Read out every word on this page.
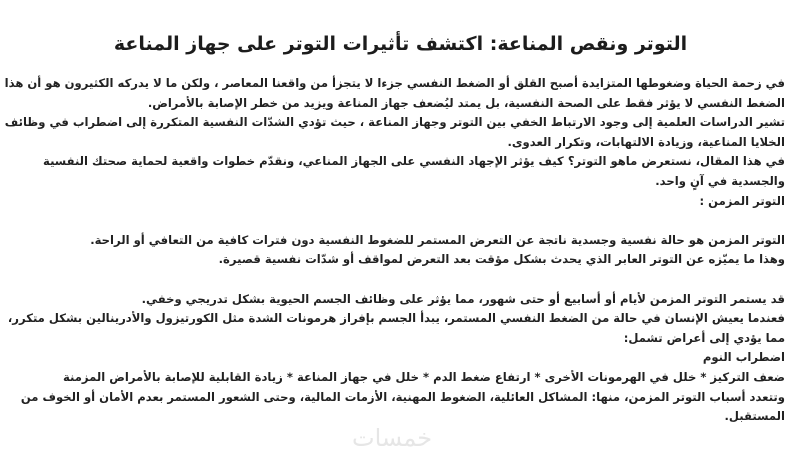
التوتر ونقص المناعة: اكتشف تأثيرات التوتر على جهاز المناعة
في زحمة الحياة وضغوطها المتزايدة أصبح القلق أو الضغط النفسي جزءا لا يتجزأ من واقعنا المعاصر ، ولكن ما لا يدركه الكثيرون هو أن هذا
الضغط النفسي لا يؤثر فقط على الصحة النفسية، بل يمتد ليُضعف جهاز المناعة ويزيد من خطر الإصابة بالأمراض.
تشير الدراسات العلمية إلى وجود الارتباط الخفي بين التوتر وجهاز المناعة ، حيث تؤدي الشدّات النفسية المتكررة إلى اضطراب في وظائف
الخلايا المناعية، وزيادة الالتهابات، وتكرار العدوى.
في هذا المقال، نستعرض ماهو التوتر؟ كيف يؤثر الإجهاد النفسي على الجهاز المناعي، ونقدّم خطوات واقعية لحماية صحتك النفسية
والجسدية في آنٍ واحد.
التوتر المزمن :
التوتر المزمن هو حالة نفسية وجسدية ناتجة عن التعرض المستمر للضغوط النفسية دون فترات كافية من التعافي أو الراحة.
وهذا ما يميّزه عن التوتر العابر الذي يحدث بشكل مؤقت بعد التعرض لمواقف أو شدّات نفسية قصيرة.
قد يستمر التوتر المزمن لأيام أو أسابيع أو حتى شهور، مما يؤثر على وظائف الجسم الحيوية بشكل تدريجي وخفي.
فعندما يعيش الإنسان في حالة من الضغط النفسي المستمر، يبدأ الجسم بإفراز هرمونات الشدة مثل الكورتيزول والأدرينالين بشكل متكرر،
مما يؤدي إلى أعراض تشمل:
اضطراب النوم
ضعف التركيز * خلل في الهرمونات الأخرى * ارتفاع ضغط الدم * خلل في جهاز المناعة * زيادة القابلية للإصابة بالأمراض المزمنة
وتتعدد أسباب التوتر المزمن، منها: المشاكل العائلية، الضغوط المهنية، الأزمات المالية، وحتى الشعور المستمر بعدم الأمان أو الخوف من
المستقبل.
خمسات
